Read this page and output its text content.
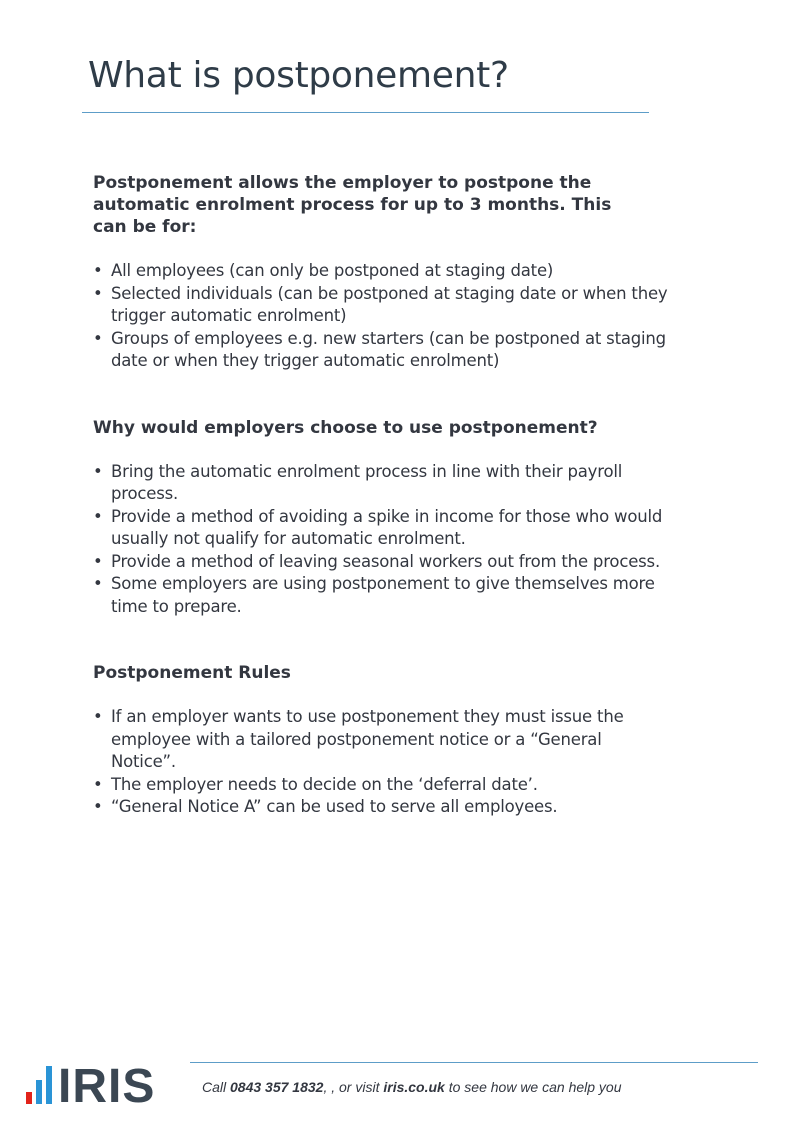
What is postponement?

Postponement allows the employer to postpone the automatic enrolment process for up to 3 months. This can be for:

• All employees (can only be postponed at staging date)
• Selected individuals (can be postponed at staging date or when they trigger automatic enrolment)
• Groups of employees e.g. new starters (can be postponed at staging date or when they trigger automatic enrolment)
Why would employers choose to use postponement?
• Bring the automatic enrolment process in line with their payroll process.
• Provide a method of avoiding a spike in income for those who would usually not qualify for automatic enrolment.
• Provide a method of leaving seasonal workers out from the process.
• Some employers are using postponement to give themselves more time to prepare.
Postponement Rules
• If an employer wants to use postponement they must issue the employee with a tailored postponement notice or a “General Notice”.
• The employer needs to decide on the ‘deferral date’.
• “General Notice A” can be used to serve all employees.
IRIS	Call 0843 357 1832, , or visit iris.co.uk to see how we can help you
